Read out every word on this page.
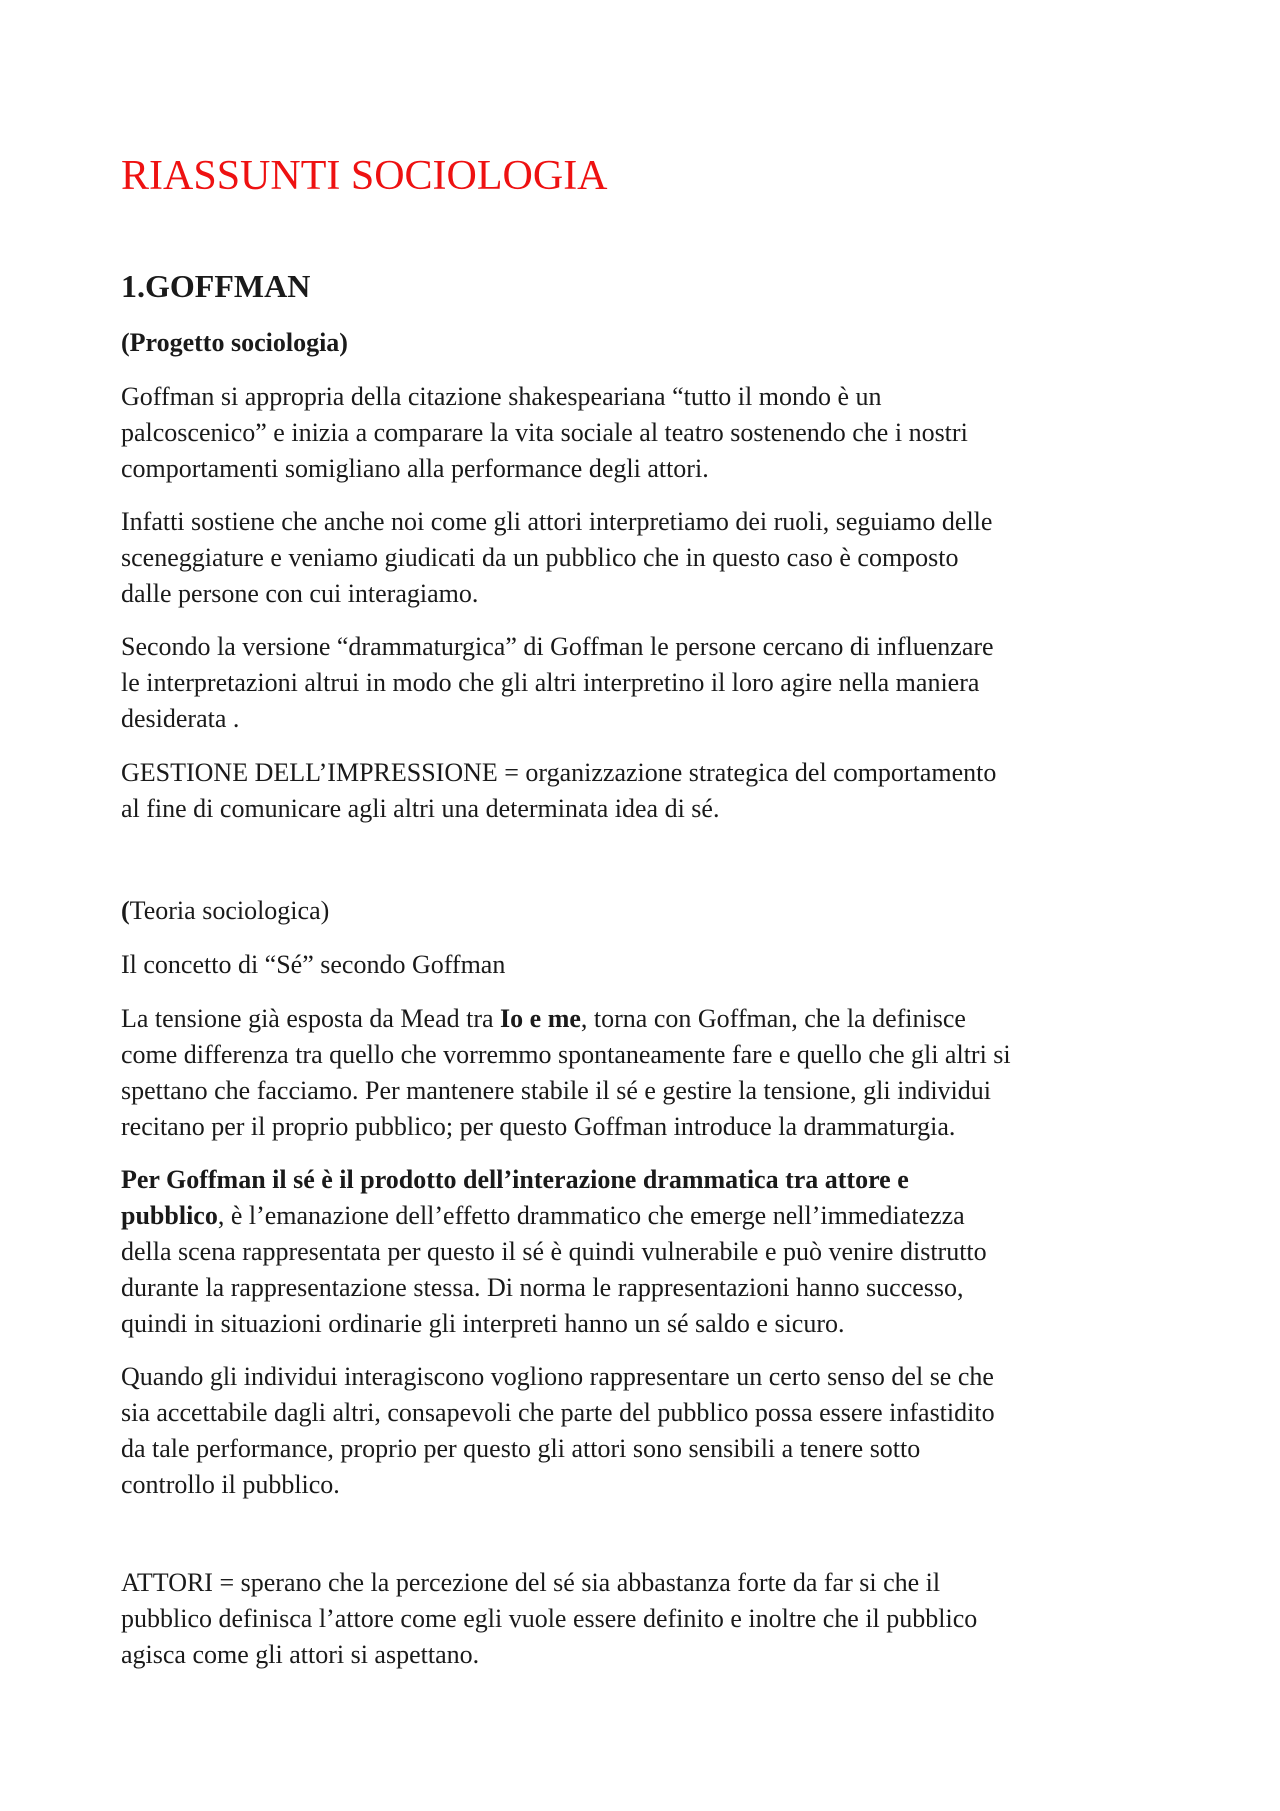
RIASSUNTI SOCIOLOGIA
1.GOFFMAN
(Progetto sociologia)

Goffman si appropria della citazione shakespeariana “tutto il mondo è un
palcoscenico” e inizia a comparare la vita sociale al teatro sostenendo che i nostri
comportamenti somigliano alla performance degli attori.

Infatti sostiene che anche noi come gli attori interpretiamo dei ruoli, seguiamo delle
sceneggiature e veniamo giudicati da un pubblico che in questo caso è composto
dalle persone con cui interagiamo.

Secondo la versione “drammaturgica” di Goffman le persone cercano di influenzare
le interpretazioni altrui in modo che gli altri interpretino il loro agire nella maniera
desiderata .

GESTIONE DELL’IMPRESSIONE = organizzazione strategica del comportamento
al fine di comunicare agli altri una determinata idea di sé.

(Teoria sociologica)

Il concetto di “Sé” secondo Goffman

La tensione già esposta da Mead tra Io e me, torna con Goffman, che la definisce
come differenza tra quello che vorremmo spontaneamente fare e quello che gli altri si
spettano che facciamo. Per mantenere stabile il sé e gestire la tensione, gli individui
recitano per il proprio pubblico; per questo Goffman introduce la drammaturgia.

Per Goffman il sé è il prodotto dell’interazione drammatica tra attore e
pubblico, è l’emanazione dell’effetto drammatico che emerge nell’immediatezza
della scena rappresentata per questo il sé è quindi vulnerabile e può venire distrutto
durante la rappresentazione stessa. Di norma le rappresentazioni hanno successo,
quindi in situazioni ordinarie gli interpreti hanno un sé saldo e sicuro.

Quando gli individui interagiscono vogliono rappresentare un certo senso del se che
sia accettabile dagli altri, consapevoli che parte del pubblico possa essere infastidito
da tale performance, proprio per questo gli attori sono sensibili a tenere sotto
controllo il pubblico.

ATTORI = sperano che la percezione del sé sia abbastanza forte da far si che il
pubblico definisca l’attore come egli vuole essere definito e inoltre che il pubblico
agisca come gli attori si aspettano.
